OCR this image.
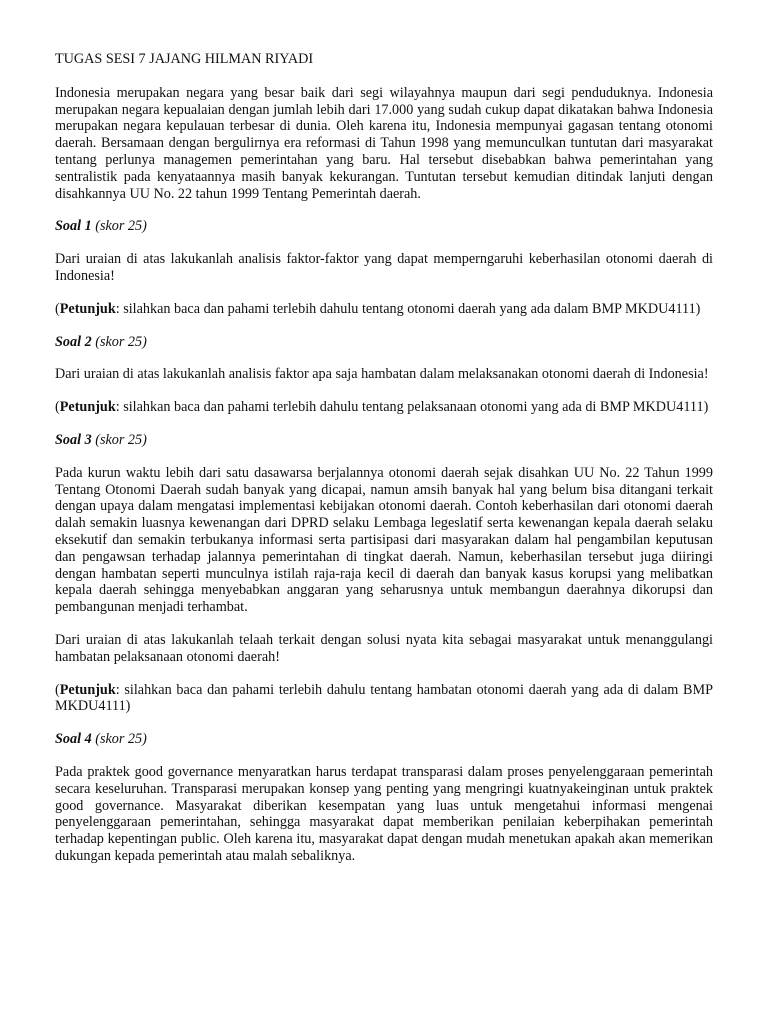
TUGAS SESI 7 JAJANG HILMAN RIYADI

Indonesia merupakan negara yang besar baik dari segi wilayahnya maupun dari segi penduduknya. Indonesia merupakan negara kepualaian dengan jumlah lebih dari 17.000 yang sudah cukup dapat dikatakan bahwa Indonesia merupakan negara kepulauan terbesar di dunia. Oleh karena itu, Indonesia mempunyai gagasan tentang otonomi daerah. Bersamaan dengan bergulirnya era reformasi di Tahun 1998 yang memunculkan tuntutan dari masyarakat tentang perlunya managemen pemerintahan yang baru. Hal tersebut disebabkan bahwa pemerintahan yang sentralistik pada kenyataannya masih banyak kekurangan. Tuntutan tersebut kemudian ditindak lanjuti dengan disahkannya UU No. 22 tahun 1999 Tentang Pemerintah daerah.

Soal 1 (skor 25)

Dari uraian di atas lakukanlah analisis faktor-faktor yang dapat memperngaruhi keberhasilan otonomi daerah di Indonesia!

(Petunjuk: silahkan baca dan pahami terlebih dahulu tentang otonomi daerah yang ada dalam BMP MKDU4111)

Soal 2 (skor 25)

Dari uraian di atas lakukanlah analisis faktor apa saja hambatan dalam melaksanakan otonomi daerah di Indonesia!

(Petunjuk: silahkan baca dan pahami terlebih dahulu tentang pelaksanaan otonomi yang ada di BMP MKDU4111)

Soal 3 (skor 25)

Pada kurun waktu lebih dari satu dasawarsa berjalannya otonomi daerah sejak disahkan UU No. 22 Tahun 1999 Tentang Otonomi Daerah sudah banyak yang dicapai, namun amsih banyak hal yang belum bisa ditangani terkait dengan upaya dalam mengatasi implementasi kebijakan otonomi daerah. Contoh keberhasilan dari otonomi daerah dalah semakin luasnya kewenangan dari DPRD selaku Lembaga legeslatif serta kewenangan kepala daerah selaku eksekutif dan semakin terbukanya informasi serta partisipasi dari masyarakan dalam hal pengambilan keputusan dan pengawsan terhadap jalannya pemerintahan di tingkat daerah. Namun, keberhasilan tersebut juga diiringi dengan hambatan seperti munculnya istilah raja-raja kecil di daerah dan banyak kasus korupsi yang melibatkan kepala daerah sehingga menyebabkan anggaran yang seharusnya untuk membangun daerahnya dikorupsi dan pembangunan menjadi terhambat.

Dari uraian di atas lakukanlah telaah terkait dengan solusi nyata kita sebagai masyarakat untuk menanggulangi hambatan pelaksanaan otonomi daerah!

(Petunjuk: silahkan baca dan pahami terlebih dahulu tentang hambatan otonomi daerah yang ada di dalam BMP MKDU4111)

Soal 4 (skor 25)

Pada praktek good governance menyaratkan harus terdapat transparasi dalam proses penyelenggaraan pemerintah secara keseluruhan. Transparasi merupakan konsep yang penting yang mengringi kuatnyakeinginan untuk praktek good governance. Masyarakat diberikan kesempatan yang luas untuk mengetahui informasi mengenai penyelenggaraan pemerintahan, sehingga masyarakat dapat memberikan penilaian keberpihakan pemerintah terhadap kepentingan public. Oleh karena itu, masyarakat dapat dengan mudah menetukan apakah akan memerikan dukungan kepada pemerintah atau malah sebaliknya.
